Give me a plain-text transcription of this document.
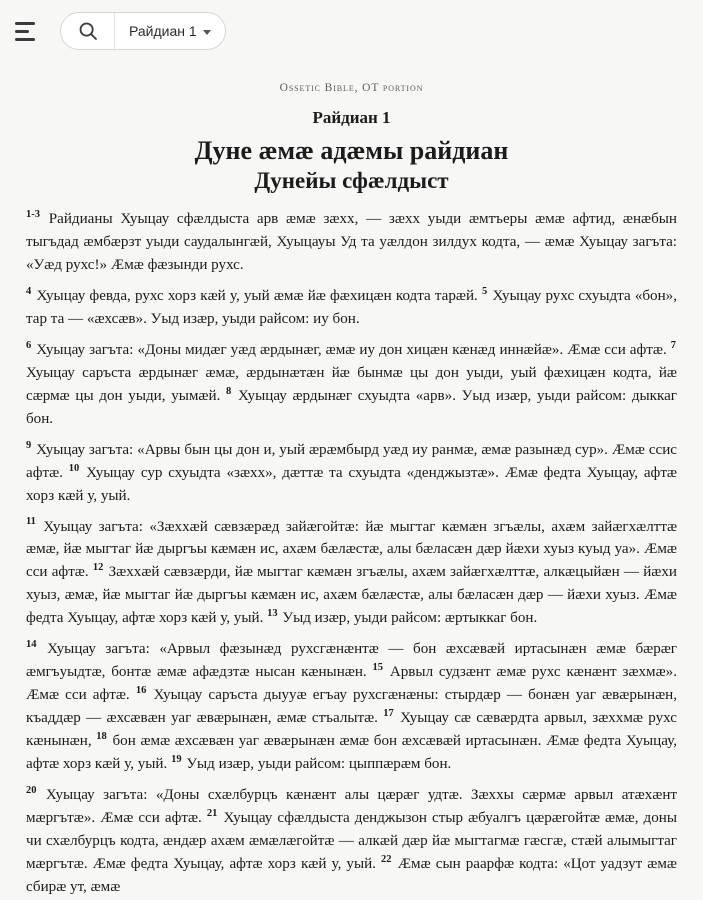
Райдиан 1
Ossetic Bible, OT portion
Райдиан 1
Дуне æмæ адæмы райдиан
Дунейы сфæлдыст

$^{1-3}$ Райдианы Хуыцау сфæлдыста арв æмæ зæхх, — зæхх уыди æмтъеры æмæ афтид, æнæбын тыгъдад æмбæрзт уыди саудалынгæй, Хуыцауы Уд та уæлдон зилдух кодта, — æмæ Хуыцау загъта: «Уæд рухс!» Æмæ фæзынди рухс.

$^4$ Хуыцау февда, рухс хорз кæй у, уый æмæ йæ фæхицæн кодта тарæй. $^5$ Хуыцау рухс схуыдта «бон», тар та — «æхсæв». Уыд изæр, уыди райсом: иу бон.

$^6$ Хуыцау загъта: «Доны мидæг уæд æрдынæг, æмæ иу дон хицæн кæнæд иннæйæ». Æмæ сси афтæ. $^7$ Хуыцау саръста æрдынæг æмæ, æрдынæтæн йæ бынмæ цы дон уыди, уый фæхицæн кодта, йæ сæрмæ цы дон уыди, уымæй. $^8$ Хуыцау æрдынæг схуыдта «арв». Уыд изæр, уыди райсом: дыккаг бон.

$^9$ Хуыцау загъта: «Арвы бын цы дон и, уый æрæмбырд уæд иу ранмæ, æмæ разынæд сур». Æмæ ссис афтæ. $^{10}$ Хуыцау сур схуыдта «зæхх», дæттæ та схуыдта «денджызтæ». Æмæ федта Хуыцау, афтæ хорз кæй у, уый.

$^{11}$ Хуыцау загъта: «Зæххæй сæвзæрæд зайæгойтæ: йæ мыгтаг кæмæн згъæлы, ахæм зайæгхæлттæ æмæ, йæ мыгтаг йæ дыргъы кæмæн ис, ахæм бæлæстæ, алы бæласæн дæр йæхи хуыз куыд уа». Æмæ сси афтæ. $^{12}$ Зæххæй сæвзæрди, йæ мыгтаг кæмæн згъæлы, ахæм зайæгхæлттæ, алкæцыйæн — йæхи хуыз, æмæ, йæ мыгтаг йæ дыргъы кæмæн ис, ахæм бæлæстæ, алы бæласæн дæр — йæхи хуыз. Æмæ федта Хуыцау, афтæ хорз кæй у, уый. $^{13}$ Уыд изæр, уыди райсом: æртыккаг бон.

$^{14}$ Хуыцау загъта: «Арвыл фæзынæд рухсгæнæнтæ — бон æхсæвæй иртасынæн æмæ бæрæг æмгъуыдтæ, бонтæ æмæ афæдзтæ нысан кæнынæн. $^{15}$ Арвыл судзæнт æмæ рухс кæнæнт зæхмæ». Æмæ сси афтæ. $^{16}$ Хуыцау саръста дыууæ егъау рухсгæнæны: стырдæр — бонæн уаг æвæрынæн, къаддæр — æхсæвæн уаг æвæрынæн, æмæ стъалытæ. $^{17}$ Хуыцау сæ сæвæрдта арвыл, зæххмæ рухс кæнынæн, $^{18}$ бон æмæ æхсæвæн уаг æвæрынæн æмæ бон æхсæвæй иртасынæн. Æмæ федта Хуыцау, афтæ хорз кæй у, уый. $^{19}$ Уыд изæр, уыди райсом: цыппæрæм бон.

$^{20}$ Хуыцау загъта: «Доны схæлбурцъ кæнæнт алы цæрæг удтæ. Зæххы сæрмæ арвыл атæхæнт мæргътæ». Æмæ сси афтæ. $^{21}$ Хуыцау сфæлдыста денджызон стыр æбуалгъ цæрæгойтæ æмæ, доны чи схæлбурцъ кодта, æндæр ахæм æмæлæгойтæ — алкæй дæр йæ мыгтагмæ гæсгæ, стæй алымыгтаг мæргътæ. Æмæ федта Хуыцау, афтæ хорз кæй у, уый. $^{22}$ Æмæ сын раарфæ кодта: «Цот уадзут æмæ сбирæ ут, æмæ
